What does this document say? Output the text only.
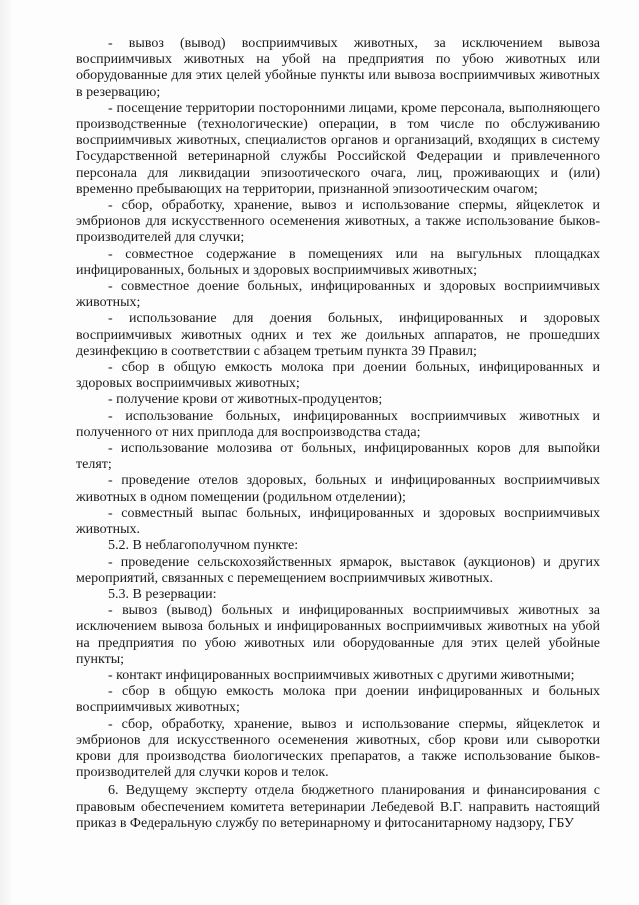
- вывоз (вывод) восприимчивых животных, за исключением вывоза восприимчивых животных на убой на предприятия по убою животных или оборудованные для этих целей убойные пункты или вывоза восприимчивых животных в резервацию;

- посещение территории посторонними лицами, кроме персонала, выполняющего производственные (технологические) операции, в том числе по обслуживанию восприимчивых животных, специалистов органов и организаций, входящих в систему Государственной ветеринарной службы Российской Федерации и привлеченного персонала для ликвидации эпизоотического очага, лиц, проживающих и (или) временно пребывающих на территории, признанной эпизоотическим очагом;

- сбор, обработку, хранение, вывоз и использование спермы, яйцеклеток и эмбрионов для искусственного осеменения животных, а также использование быков-производителей для случки;

- совместное содержание в помещениях или на выгульных площадках инфицированных, больных и здоровых восприимчивых животных;

- совместное доение больных, инфицированных и здоровых восприимчивых животных;

- использование для доения больных, инфицированных и здоровых восприимчивых животных одних и тех же доильных аппаратов, не прошедших дезинфекцию в соответствии с абзацем третьим пункта 39 Правил;

- сбор в общую емкость молока при доении больных, инфицированных и здоровых восприимчивых животных;

- получение крови от животных-продуцентов;

- использование больных, инфицированных восприимчивых животных и полученного от них приплода для воспроизводства стада;

- использование молозива от больных, инфицированных коров для выпойки телят;

- проведение отелов здоровых, больных и инфицированных восприимчивых животных в одном помещении (родильном отделении);

- совместный выпас больных, инфицированных и здоровых восприимчивых животных.

5.2. В неблагополучном пункте:

- проведение сельскохозяйственных ярмарок, выставок (аукционов) и других мероприятий, связанных с перемещением восприимчивых животных.

5.3. В резервации:

- вывоз (вывод) больных и инфицированных восприимчивых животных за исключением вывоза больных и инфицированных восприимчивых животных на убой на предприятия по убою животных или оборудованные для этих целей убойные пункты;

- контакт инфицированных восприимчивых животных с другими животными;

- сбор в общую емкость молока при доении инфицированных и больных восприимчивых животных;

- сбор, обработку, хранение, вывоз и использование спермы, яйцеклеток и эмбрионов для искусственного осеменения животных, сбор крови или сыворотки крови для производства биологических препаратов, а также использование быков-производителей для случки коров и телок.

6. Ведущему эксперту отдела бюджетного планирования и финансирования с правовым обеспечением комитета ветеринарии Лебедевой В.Г. направить настоящий приказ в Федеральную службу по ветеринарному и фитосанитарному надзору, ГБУ
